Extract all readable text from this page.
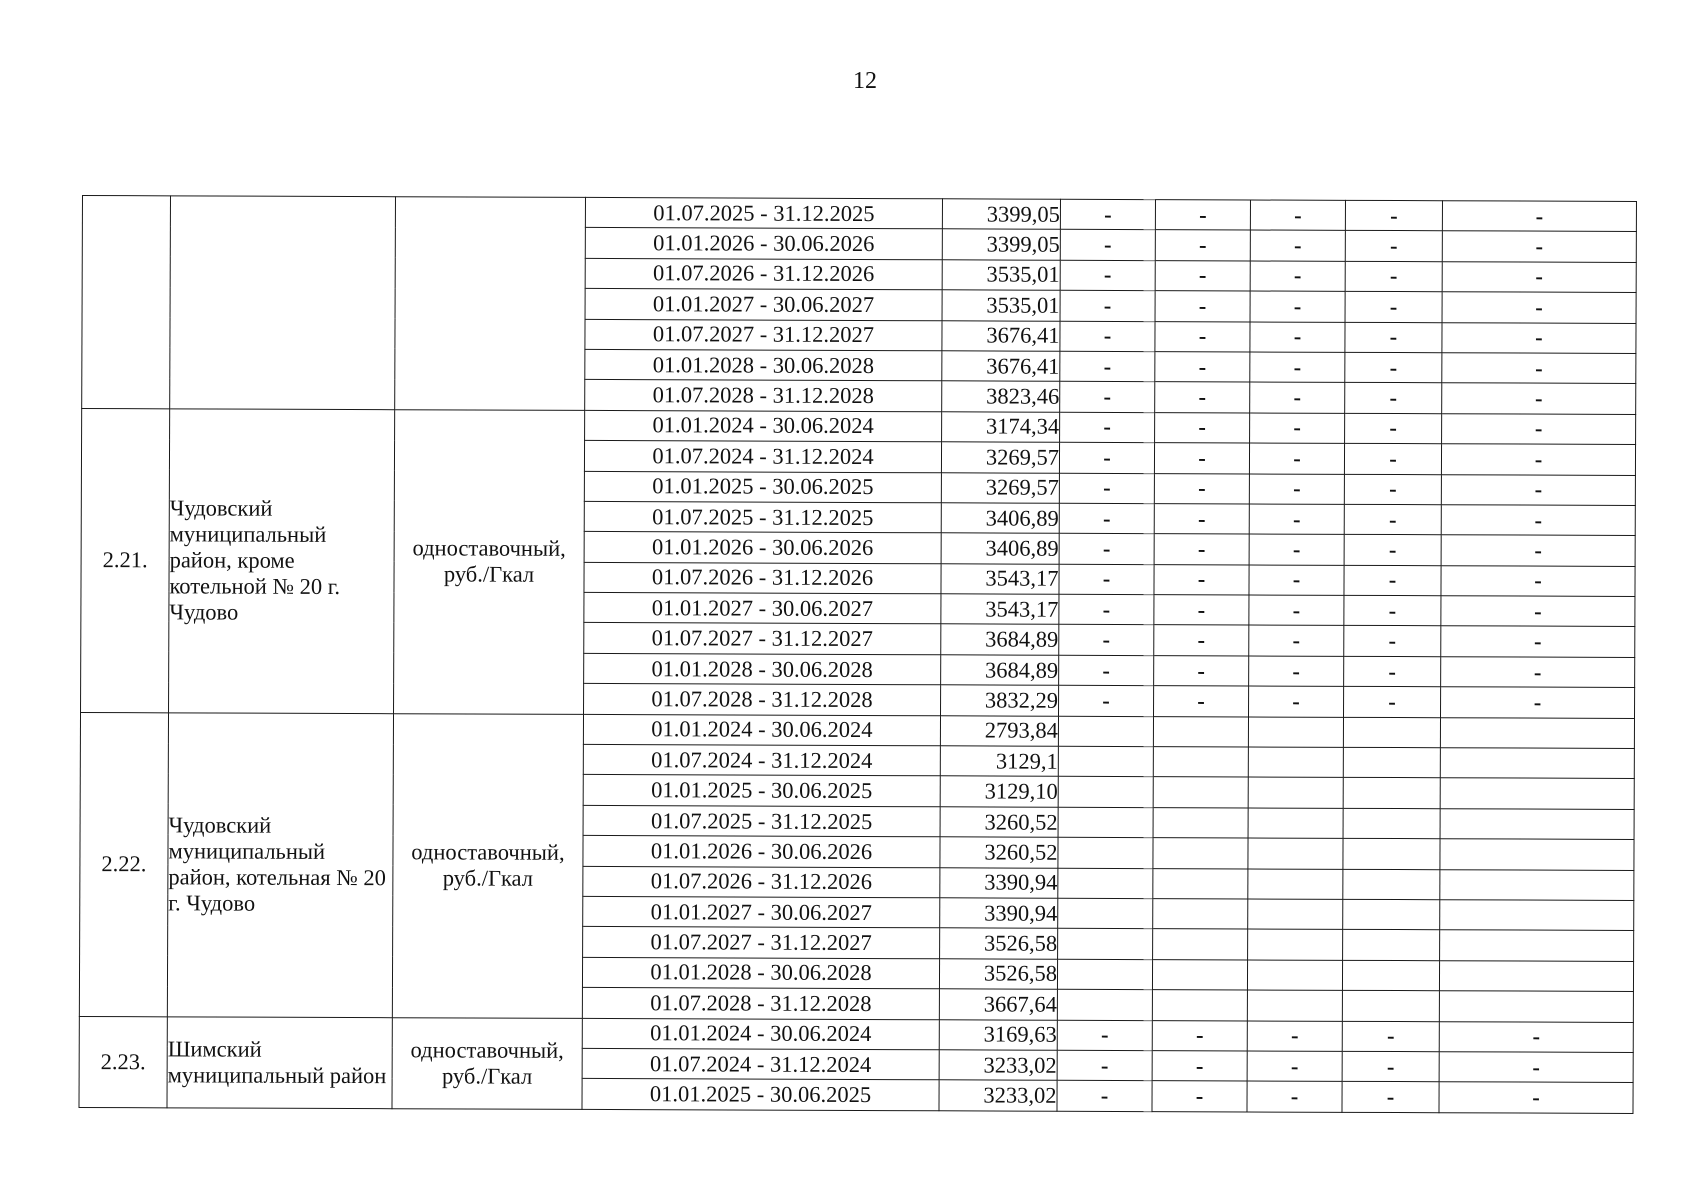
12
			01.07.2025 - 31.12.2025	3399,05	-	-	-	-	-
			01.01.2026 - 30.06.2026	3399,05	-	-	-	-	-
			01.07.2026 - 31.12.2026	3535,01	-	-	-	-	-
			01.01.2027 - 30.06.2027	3535,01	-	-	-	-	-
			01.07.2027 - 31.12.2027	3676,41	-	-	-	-	-
			01.01.2028 - 30.06.2028	3676,41	-	-	-	-	-
			01.07.2028 - 31.12.2028	3823,46	-	-	-	-	-
2.21.	Чудовский муниципальный район, кроме котельной № 20 г. Чудово	одноставочный, руб./Гкал	01.01.2024 - 30.06.2024	3174,34	-	-	-	-	-
			01.07.2024 - 31.12.2024	3269,57	-	-	-	-	-
			01.01.2025 - 30.06.2025	3269,57	-	-	-	-	-
			01.07.2025 - 31.12.2025	3406,89	-	-	-	-	-
			01.01.2026 - 30.06.2026	3406,89	-	-	-	-	-
			01.07.2026 - 31.12.2026	3543,17	-	-	-	-	-
			01.01.2027 - 30.06.2027	3543,17	-	-	-	-	-
			01.07.2027 - 31.12.2027	3684,89	-	-	-	-	-
			01.01.2028 - 30.06.2028	3684,89	-	-	-	-	-
			01.07.2028 - 31.12.2028	3832,29	-	-	-	-	-
2.22.	Чудовский муниципальный район, котельная № 20 г. Чудово	одноставочный, руб./Гкал	01.01.2024 - 30.06.2024	2793,84					
			01.07.2024 - 31.12.2024	3129,1					
			01.01.2025 - 30.06.2025	3129,10					
			01.07.2025 - 31.12.2025	3260,52					
			01.01.2026 - 30.06.2026	3260,52					
			01.07.2026 - 31.12.2026	3390,94					
			01.01.2027 - 30.06.2027	3390,94					
			01.07.2027 - 31.12.2027	3526,58					
			01.01.2028 - 30.06.2028	3526,58					
			01.07.2028 - 31.12.2028	3667,64					
2.23.	Шимский муниципальный район	одноставочный, руб./Гкал	01.01.2024 - 30.06.2024	3169,63	-	-	-	-	-
			01.07.2024 - 31.12.2024	3233,02	-	-	-	-	-
			01.01.2025 - 30.06.2025	3233,02	-	-	-	-	-
